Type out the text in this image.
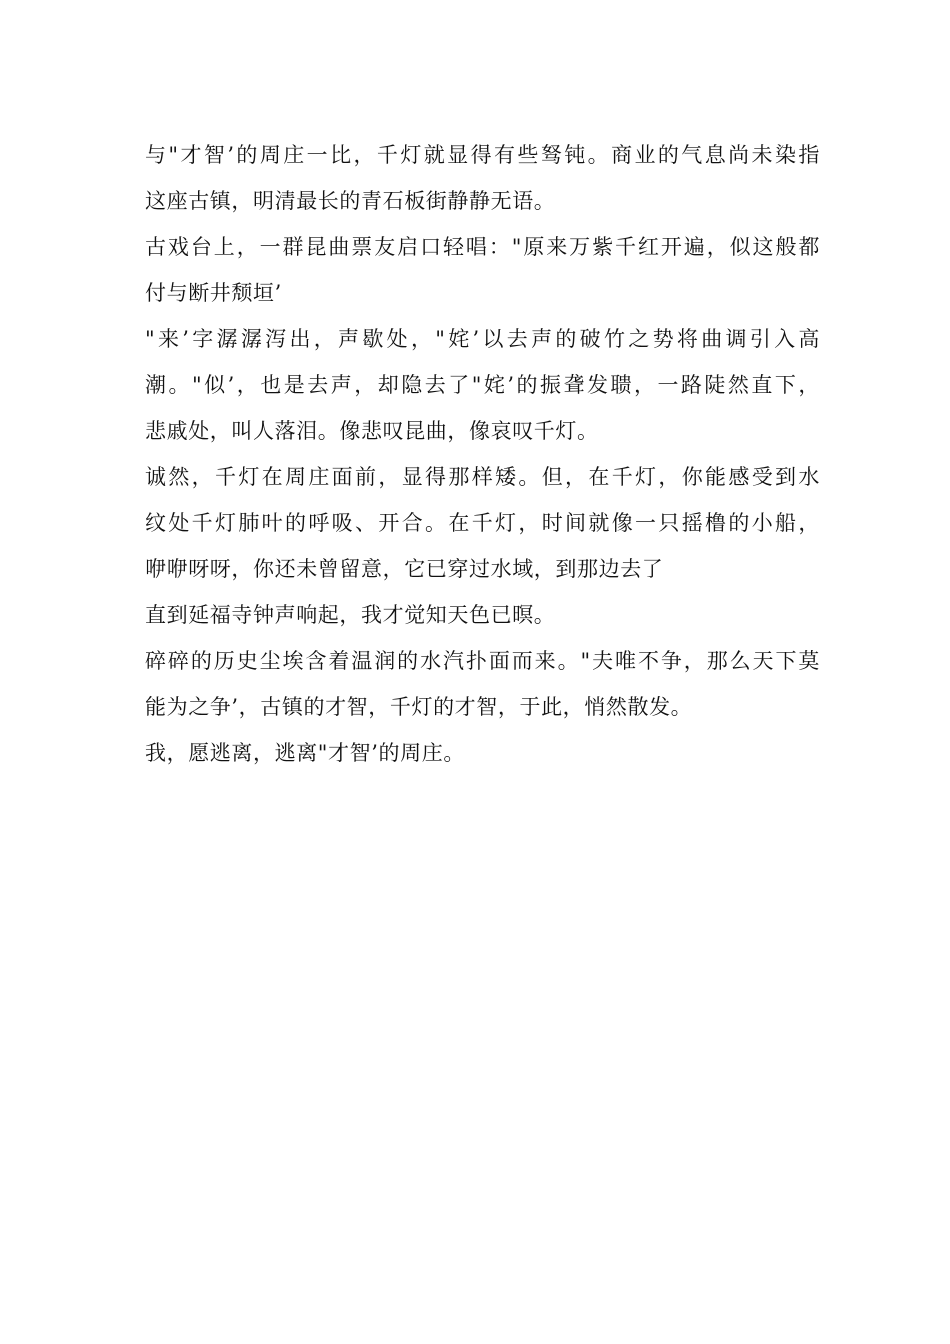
与"才智’的周庄一比，千灯就显得有些驽钝。商业的气息尚未染指
这座古镇，明清最长的青石板街静静无语。
古戏台上，一群昆曲票友启口轻唱："原来万紫千红开遍，似这般都
付与断井颓垣’
"来’字潺潺泻出，声歇处，"姹’以去声的破竹之势将曲调引入高
潮。"似’，也是去声，却隐去了"姹’的振聋发聩，一路陡然直下，
悲戚处，叫人落泪。像悲叹昆曲，像哀叹千灯。
诚然，千灯在周庄面前，显得那样矮。但，在千灯，你能感受到水
纹处千灯肺叶的呼吸、开合。在千灯，时间就像一只摇橹的小船，
咿咿呀呀，你还未曾留意，它已穿过水域，到那边去了
直到延福寺钟声响起，我才觉知天色已暝。
碎碎的历史尘埃含着温润的水汽扑面而来。"夫唯不争，那么天下莫
能为之争’，古镇的才智，千灯的才智，于此，悄然散发。
我，愿逃离，逃离"才智’的周庄。
